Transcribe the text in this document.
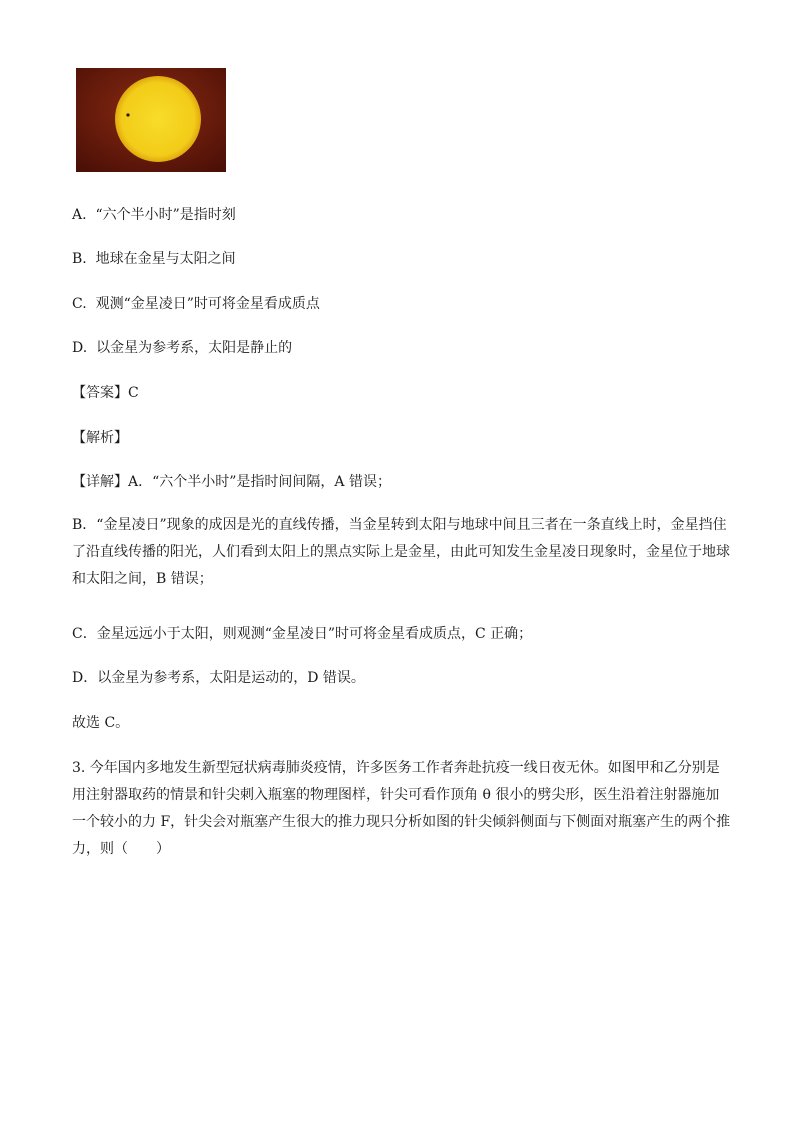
A. “六个半小时”是指时刻
B. 地球在金星与太阳之间
C. 观测“金星凌日”时可将金星看成质点
D. 以金星为参考系，太阳是静止的
【答案】C
【解析】
【详解】A．“六个半小时”是指时间间隔，A 错误；
B．“金星凌日”现象的成因是光的直线传播，当金星转到太阳与地球中间且三者在一条直线上时，金星挡住了沿直线传播的阳光，人们看到太阳上的黑点实际上是金星，由此可知发生金星凌日现象时，金星位于地球和太阳之间，B 错误；
C．金星远远小于太阳，则观测“金星凌日”时可将金星看成质点，C 正确；
D．以金星为参考系，太阳是运动的，D 错误。
故选 C。
3. 今年国内多地发生新型冠状病毒肺炎疫情，许多医务工作者奔赴抗疫一线日夜无休。如图甲和乙分别是用注射器取药的情景和针尖刺入瓶塞的物理图样，针尖可看作顶角 θ 很小的劈尖形，医生沿着注射器施加一个较小的力 F，针尖会对瓶塞产生很大的推力现只分析如图的针尖倾斜侧面与下侧面对瓶塞产生的两个推力，则（　　）
